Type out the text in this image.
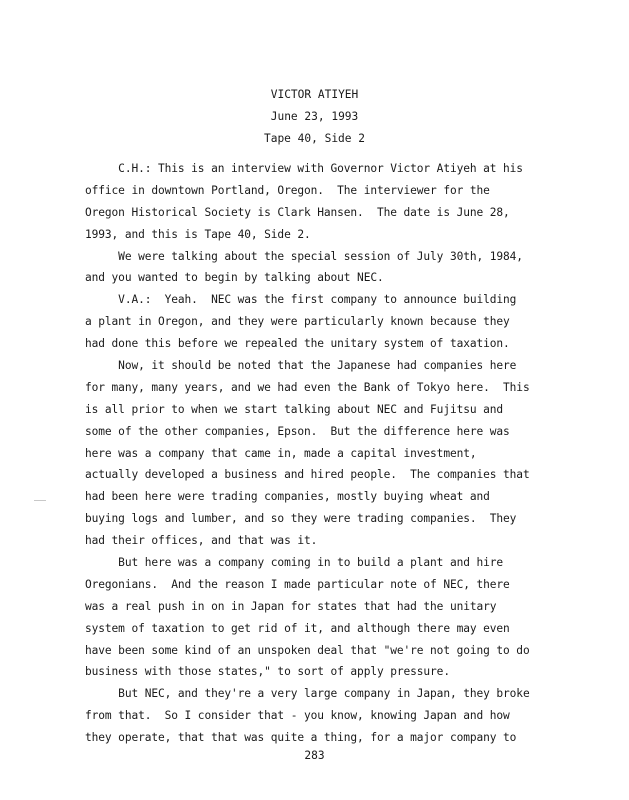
VICTOR ATIYEH
June 23, 1993
Tape 40, Side 2
C.H.: This is an interview with Governor Victor Atiyeh at his
office in downtown Portland, Oregon.  The interviewer for the
Oregon Historical Society is Clark Hansen.  The date is June 28,
1993, and this is Tape 40, Side 2.
We were talking about the special session of July 30th, 1984,
and you wanted to begin by talking about NEC.
V.A.:  Yeah.  NEC was the first company to announce building
a plant in Oregon, and they were particularly known because they
had done this before we repealed the unitary system of taxation.
Now, it should be noted that the Japanese had companies here
for many, many years, and we had even the Bank of Tokyo here.  This
is all prior to when we start talking about NEC and Fujitsu and
some of the other companies, Epson.  But the difference here was
here was a company that came in, made a capital investment,
actually developed a business and hired people.  The companies that
had been here were trading companies, mostly buying wheat and
buying logs and lumber, and so they were trading companies.  They
had their offices, and that was it.
But here was a company coming in to build a plant and hire
Oregonians.  And the reason I made particular note of NEC, there
was a real push in on in Japan for states that had the unitary
system of taxation to get rid of it, and although there may even
have been some kind of an unspoken deal that "we're not going to do
business with those states," to sort of apply pressure.
But NEC, and they're a very large company in Japan, they broke
from that.  So I consider that - you know, knowing Japan and how
they operate, that that was quite a thing, for a major company to
283
